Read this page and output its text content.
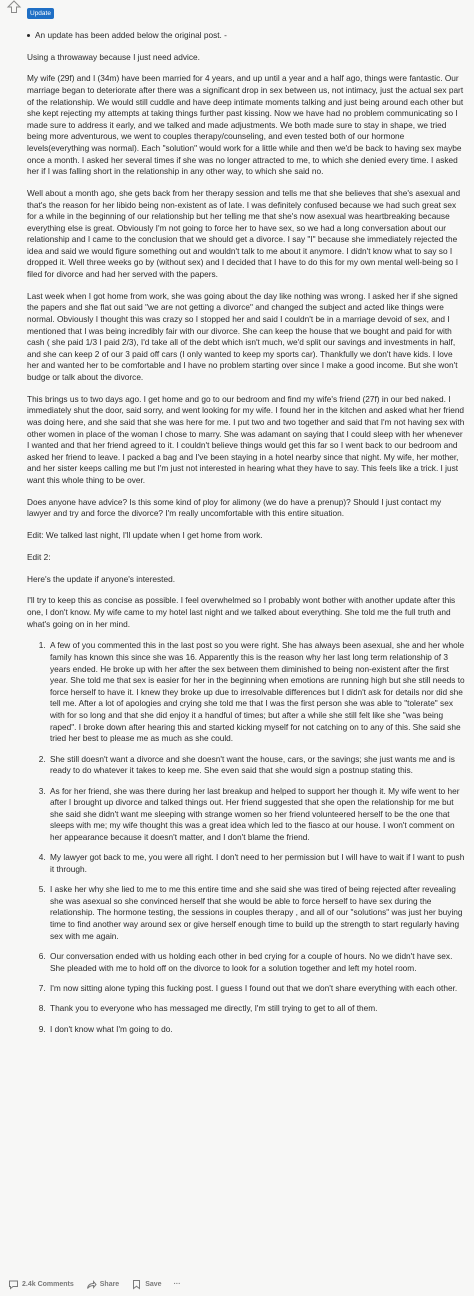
Update
An update has been added below the original post. -

Using a throwaway because I just need advice.

My wife (29f) and I (34m) have been married for 4 years, and up until a year and a half ago, things were fantastic. Our marriage began to deteriorate after there was a significant drop in sex between us, not intimacy, just the actual sex part of the relationship. We would still cuddle and have deep intimate moments talking and just being around each other but she kept rejecting my attempts at taking things further past kissing. Now we have had no problem communicating so I made sure to address it early, and we talked and made adjustments. We both made sure to stay in shape, we tried being more adventurous, we went to couples therapy/counseling, and even tested both of our hormone levels(everything was normal). Each "solution" would work for a little while and then we'd be back to having sex maybe once a month. I asked her several times if she was no longer attracted to me, to which she denied every time. I asked her if I was falling short in the relationship in any other way, to which she said no.

Well about a month ago, she gets back from her therapy session and tells me that she believes that she's asexual and that's the reason for her libido being non-existent as of late. I was definitely confused because we had such great sex for a while in the beginning of our relationship but her telling me that she's now asexual was heartbreaking because everything else is great. Obviously I'm not going to force her to have sex, so we had a long conversation about our relationship and I came to the conclusion that we should get a divorce. I say "I" because she immediately rejected the idea and said we would figure something out and wouldn't talk to me about it anymore. I didn't know what to say so I dropped it. Well three weeks go by (without sex) and I decided that I have to do this for my own mental well-being so I filed for divorce and had her served with the papers.

Last week when I got home from work, she was going about the day like nothing was wrong. I asked her if she signed the papers and she flat out said "we are not getting a divorce" and changed the subject and acted like things were normal. Obviously I thought this was crazy so I stopped her and said I couldn't be in a marriage devoid of sex, and I mentioned that I was being incredibly fair with our divorce. She can keep the house that we bought and paid for with cash ( she paid 1/3 I paid 2/3), I'd take all of the debt which isn't much, we'd split our savings and investments in half, and she can keep 2 of our 3 paid off cars (I only wanted to keep my sports car). Thankfully we don't have kids. I love her and wanted her to be comfortable and I have no problem starting over since I make a good income. But she won't budge or talk about the divorce.

This brings us to two days ago. I get home and go to our bedroom and find my wife's friend (27f) in our bed naked. I immediately shut the door, said sorry, and went looking for my wife. I found her in the kitchen and asked what her friend was doing here, and she said that she was here for me. I put two and two together and said that I'm not having sex with other women in place of the woman I chose to marry. She was adamant on saying that I could sleep with her whenever I wanted and that her friend agreed to it. I couldn't believe things would get this far so I went back to our bedroom and asked her friend to leave. I packed a bag and I've been staying in a hotel nearby since that night. My wife, her mother, and her sister keeps calling me but I'm just not interested in hearing what they have to say. This feels like a trick. I just want this whole thing to be over.

Does anyone have advice? Is this some kind of ploy for alimony (we do have a prenup)? Should I just contact my lawyer and try and force the divorce? I'm really uncomfortable with this entire situation.

Edit: We talked last night, I'll update when I get home from work.

Edit 2:

Here's the update if anyone's interested.

I'll try to keep this as concise as possible. I feel overwhelmed so I probably wont bother with another update after this one, I don't know. My wife came to my hotel last night and we talked about everything. She told me the full truth and what's going on in her mind.

1. A few of you commented this in the last post so you were right. She has always been asexual, she and her whole family has known this since she was 16. Apparently this is the reason why her last long term relationship of 3 years ended. He broke up with her after the sex between them diminished to being non-existent after the first year. She told me that sex is easier for her in the beginning when emotions are running high but she still needs to force herself to have it. I knew they broke up due to irresolvable differences but I didn't ask for details nor did she tell me. After a lot of apologies and crying she told me that I was the first person she was able to "tolerate" sex with for so long and that she did enjoy it a handful of times; but after a while she still felt like she "was being raped". I broke down after hearing this and started kicking myself for not catching on to any of this. She said she tried her best to please me as much as she could.
2. She still doesn't want a divorce and she doesn't want the house, cars, or the savings; she just wants me and is ready to do whatever it takes to keep me. She even said that she would sign a postnup stating this.
3. As for her friend, she was there during her last breakup and helped to support her though it. My wife went to her after I brought up divorce and talked things out. Her friend suggested that she open the relationship for me but she said she didn't want me sleeping with strange women so her friend volunteered herself to be the one that sleeps with me; my wife thought this was a great idea which led to the fiasco at our house. I won't comment on her appearance because it doesn't matter, and I don't blame the friend.
4. My lawyer got back to me, you were all right. I don't need to her permission but I will have to wait if I want to push it through.
5. I aske her why she lied to me to me this entire time and she said she was tired of being rejected after revealing she was asexual so she convinced herself that she would be able to force herself to have sex during the relationship. The hormone testing, the sessions in couples therapy , and all of our "solutions" was just her buying time to find another way around sex or give herself enough time to build up the strength to start regularly having sex with me again.
6. Our conversation ended with us holding each other in bed crying for a couple of hours. No we didn't have sex. She pleaded with me to hold off on the divorce to look for a solution together and left my hotel room.
7. I'm now sitting alone typing this fucking post. I guess I found out that we don't share everything with each other.
8. Thank you to everyone who has messaged me directly, I'm still trying to get to all of them.
9. I don't know what I'm going to do.
2.4k Comments	Share	Save ···
